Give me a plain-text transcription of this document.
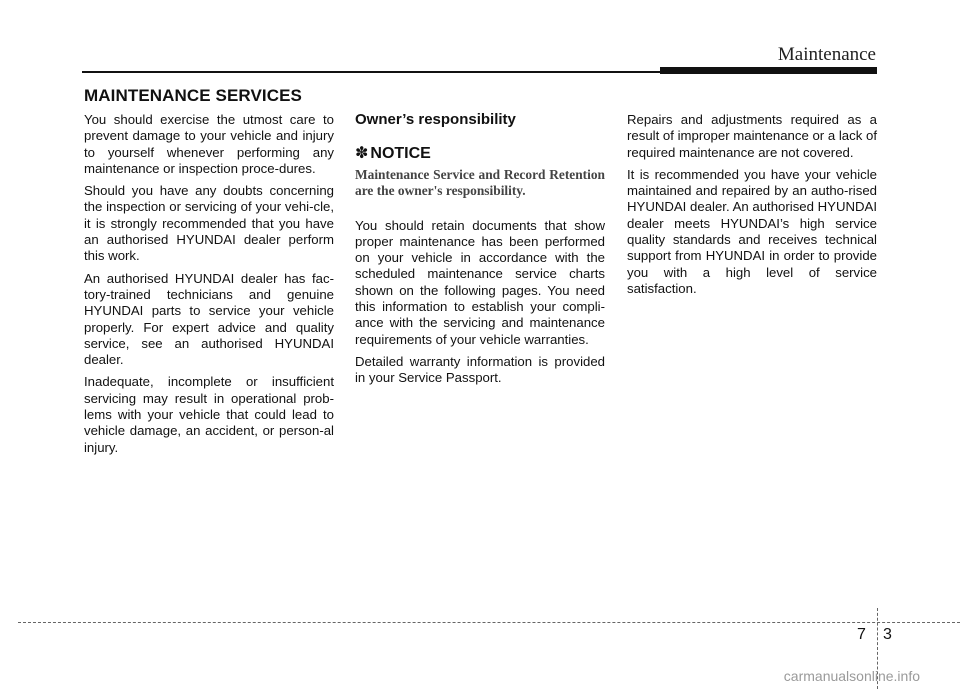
Maintenance
MAINTENANCE SERVICES

You should exercise the utmost care to prevent damage to your vehicle and injury to yourself whenever performing any maintenance or inspection proce-dures.

Should you have any doubts concerning the inspection or servicing of your vehi-cle, it is strongly recommended that you have an authorised HYUNDAI dealer perform this work.

An authorised HYUNDAI dealer has fac-tory-trained technicians and genuine HYUNDAI parts to service your vehicle properly. For expert advice and quality service, see an authorised HYUNDAI dealer.

Inadequate, incomplete or insufficient servicing may result in operational prob-lems with your vehicle that could lead to vehicle damage, an accident, or person-al injury.

Owner’s responsibility

✽ NOTICE

Maintenance Service and Record Retention are the owner's responsibility.

You should retain documents that show proper maintenance has been performed on your vehicle in accordance with the scheduled maintenance service charts shown on the following pages. You need this information to establish your compli-ance with the servicing and maintenance requirements of your vehicle warranties.

Detailed warranty information is provided in your Service Passport.

Repairs and adjustments required as a result of improper maintenance or a lack of required maintenance are not covered.

It is recommended you have your vehicle maintained and repaired by an autho-rised HYUNDAI dealer. An authorised HYUNDAI dealer meets HYUNDAI’s high service quality standards and receives technical support from HYUNDAI in order to provide you with a high level of service satisfaction.

7 3
carmanualsonline.info
